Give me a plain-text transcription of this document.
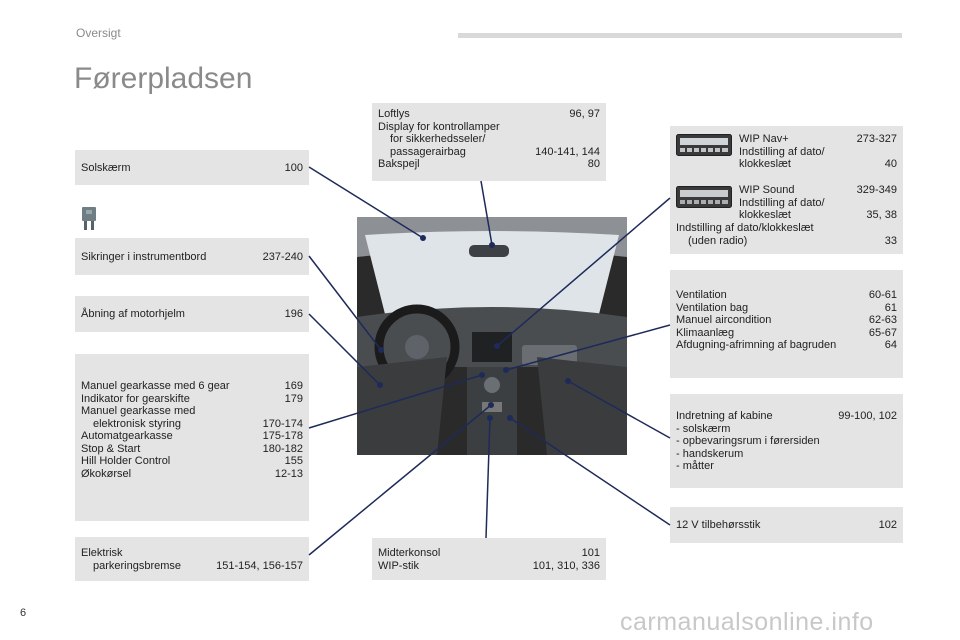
Oversigt
Førerpladsen
Solskærm	100
Sikringer i instrumentbord	237-240
Åbning af motorhjelm	196
Manuel gearkasse med 6 gear	169
Indikator for gearskifte	179
Manuel gearkasse med
elektronisk styring	170-174
Automatgearkasse	175-178
Stop & Start	180-182
Hill Holder Control	155
Økokørsel	12-13
Elektrisk
parkeringsbremse	151-154, 156-157
Loftlys	96, 97
Display for kontrollamper
for sikkerhedsseler/
passagerairbag	140-141, 144
Bakspejl	80
Midterkonsol	101
WIP-stik	101, 310, 336
WIP Nav+	273-327
Indstilling af dato/
klokkeslæt	40
WIP Sound	329-349
Indstilling af dato/
klokkeslæt	35, 38
Indstilling af dato/klokkeslæt
(uden radio)	33
Ventilation	60-61
Ventilation bag	61
Manuel aircondition	62-63
Klimaanlæg	65-67
Afdugning-afrimning af bagruden	64
Indretning af kabine	99-100, 102
- solskærm
- opbevaringsrum i førersiden
- handskerum
- måtter
12 V tilbehørsstik	102
6	carmanualsonline.info
